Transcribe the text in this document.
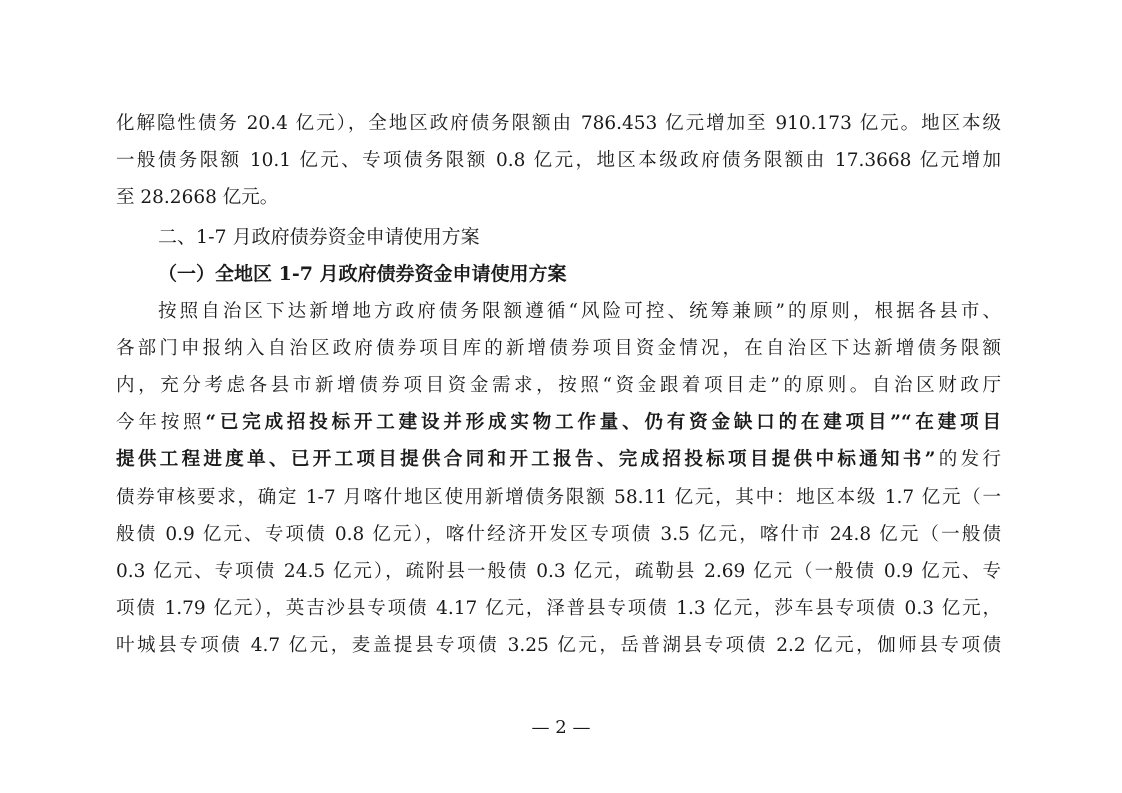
化解隐性债务 20.4 亿元），全地区政府债务限额由 786.453 亿元增加至 910.173 亿元。地区本级
一般债务限额 10.1 亿元、专项债务限额 0.8 亿元，地区本级政府债务限额由 17.3668 亿元增加
至 28.2668 亿元。
二、1-7 月政府债券资金申请使用方案
（一）全地区 1-7 月政府债券资金申请使用方案
按照自治区下达新增地方政府债务限额遵循“风险可控、统筹兼顾”的原则，根据各县市、
各部门申报纳入自治区政府债券项目库的新增债券项目资金情况，在自治区下达新增债务限额
内，充分考虑各县市新增债券项目资金需求，按照“资金跟着项目走”的原则。自治区财政厅
今年按照“已完成招投标开工建设并形成实物工作量、仍有资金缺口的在建项目”“在建项目
提供工程进度单、已开工项目提供合同和开工报告、完成招投标项目提供中标通知书”的发行
债券审核要求，确定 1-7 月喀什地区使用新增债务限额 58.11 亿元，其中：地区本级 1.7 亿元（一
般债 0.9 亿元、专项债 0.8 亿元），喀什经济开发区专项债 3.5 亿元，喀什市 24.8 亿元（一般债
0.3 亿元、专项债 24.5 亿元），疏附县一般债 0.3 亿元，疏勒县 2.69 亿元（一般债 0.9 亿元、专
项债 1.79 亿元），英吉沙县专项债 4.17 亿元，泽普县专项债 1.3 亿元，莎车县专项债 0.3 亿元，
叶城县专项债 4.7 亿元，麦盖提县专项债 3.25 亿元，岳普湖县专项债 2.2 亿元，伽师县专项债
— 2 —
